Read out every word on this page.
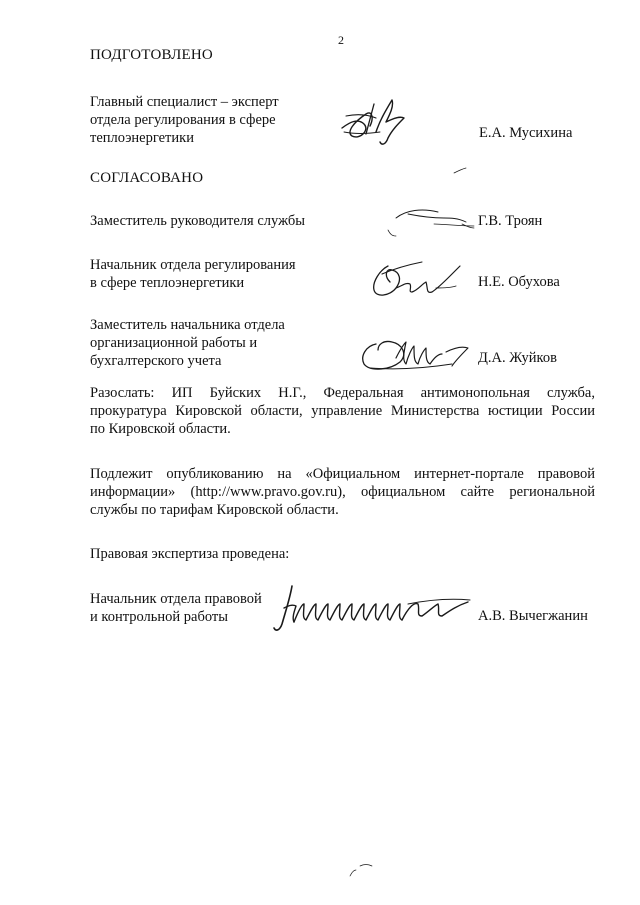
2
ПОДГОТОВЛЕНО
Главный специалист – эксперт
отдела регулирования в сфере
теплоэнергетики	Е.А. Мусихина
СОГЛАСОВАНО
Заместитель руководителя службы	Г.В. Троян
Начальник отдела регулирования
в сфере теплоэнергетики	Н.Е. Обухова
Заместитель начальника отдела
организационной работы и
бухгалтерского учета	Д.А. Жуйков
Разослать: ИП Буйских Н.Г., Федеральная антимонопольная служба,
прокуратура Кировской области, управление Министерства юстиции России
по Кировской области.
Подлежит опубликованию на «Официальном интернет-портале правовой
информации» (http://www.pravo.gov.ru), официальном сайте региональной
службы по тарифам Кировской области.
Правовая экспертиза проведена:
Начальник отдела правовой
и контрольной работы	А.В. Вычегжанин
